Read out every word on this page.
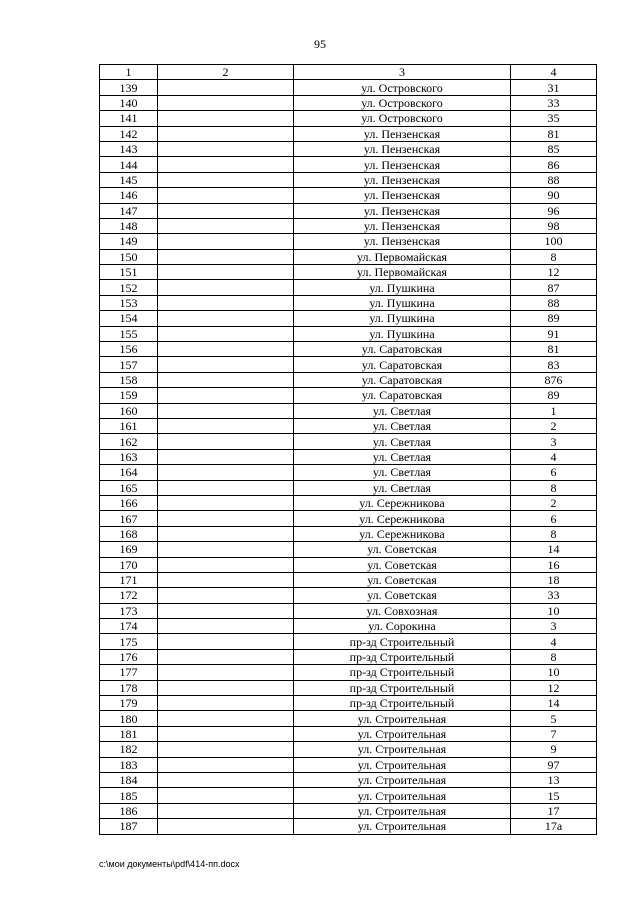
95
1	2	3	4
139		ул. Островского	31
140		ул. Островского	33
141		ул. Островского	35
142		ул. Пензенская	81
143		ул. Пензенская	85
144		ул. Пензенская	86
145		ул. Пензенская	88
146		ул. Пензенская	90
147		ул. Пензенская	96
148		ул. Пензенская	98
149		ул. Пензенская	100
150		ул. Первомайская	8
151		ул. Первомайская	12
152		ул. Пушкина	87
153		ул. Пушкина	88
154		ул. Пушкина	89
155		ул. Пушкина	91
156		ул. Саратовская	81
157		ул. Саратовская	83
158		ул. Саратовская	876
159		ул. Саратовская	89
160		ул. Светлая	1
161		ул. Светлая	2
162		ул. Светлая	3
163		ул. Светлая	4
164		ул. Светлая	6
165		ул. Светлая	8
166		ул. Сережникова	2
167		ул. Сережникова	6
168		ул. Сережникова	8
169		ул. Советская	14
170		ул. Советская	16
171		ул. Советская	18
172		ул. Советская	33
173		ул. Совхозная	10
174		ул. Сорокина	3
175		пр-зд Строительный	4
176		пр-зд Строительный	8
177		пр-зд Строительный	10
178		пр-зд Строительный	12
179		пр-зд Строительный	14
180		ул. Строительная	5
181		ул. Строительная	7
182		ул. Строительная	9
183		ул. Строительная	97
184		ул. Строительная	13
185		ул. Строительная	15
186		ул. Строительная	17
187		ул. Строительная	17а
c:\мои документы\pdf\414-пп.docx
